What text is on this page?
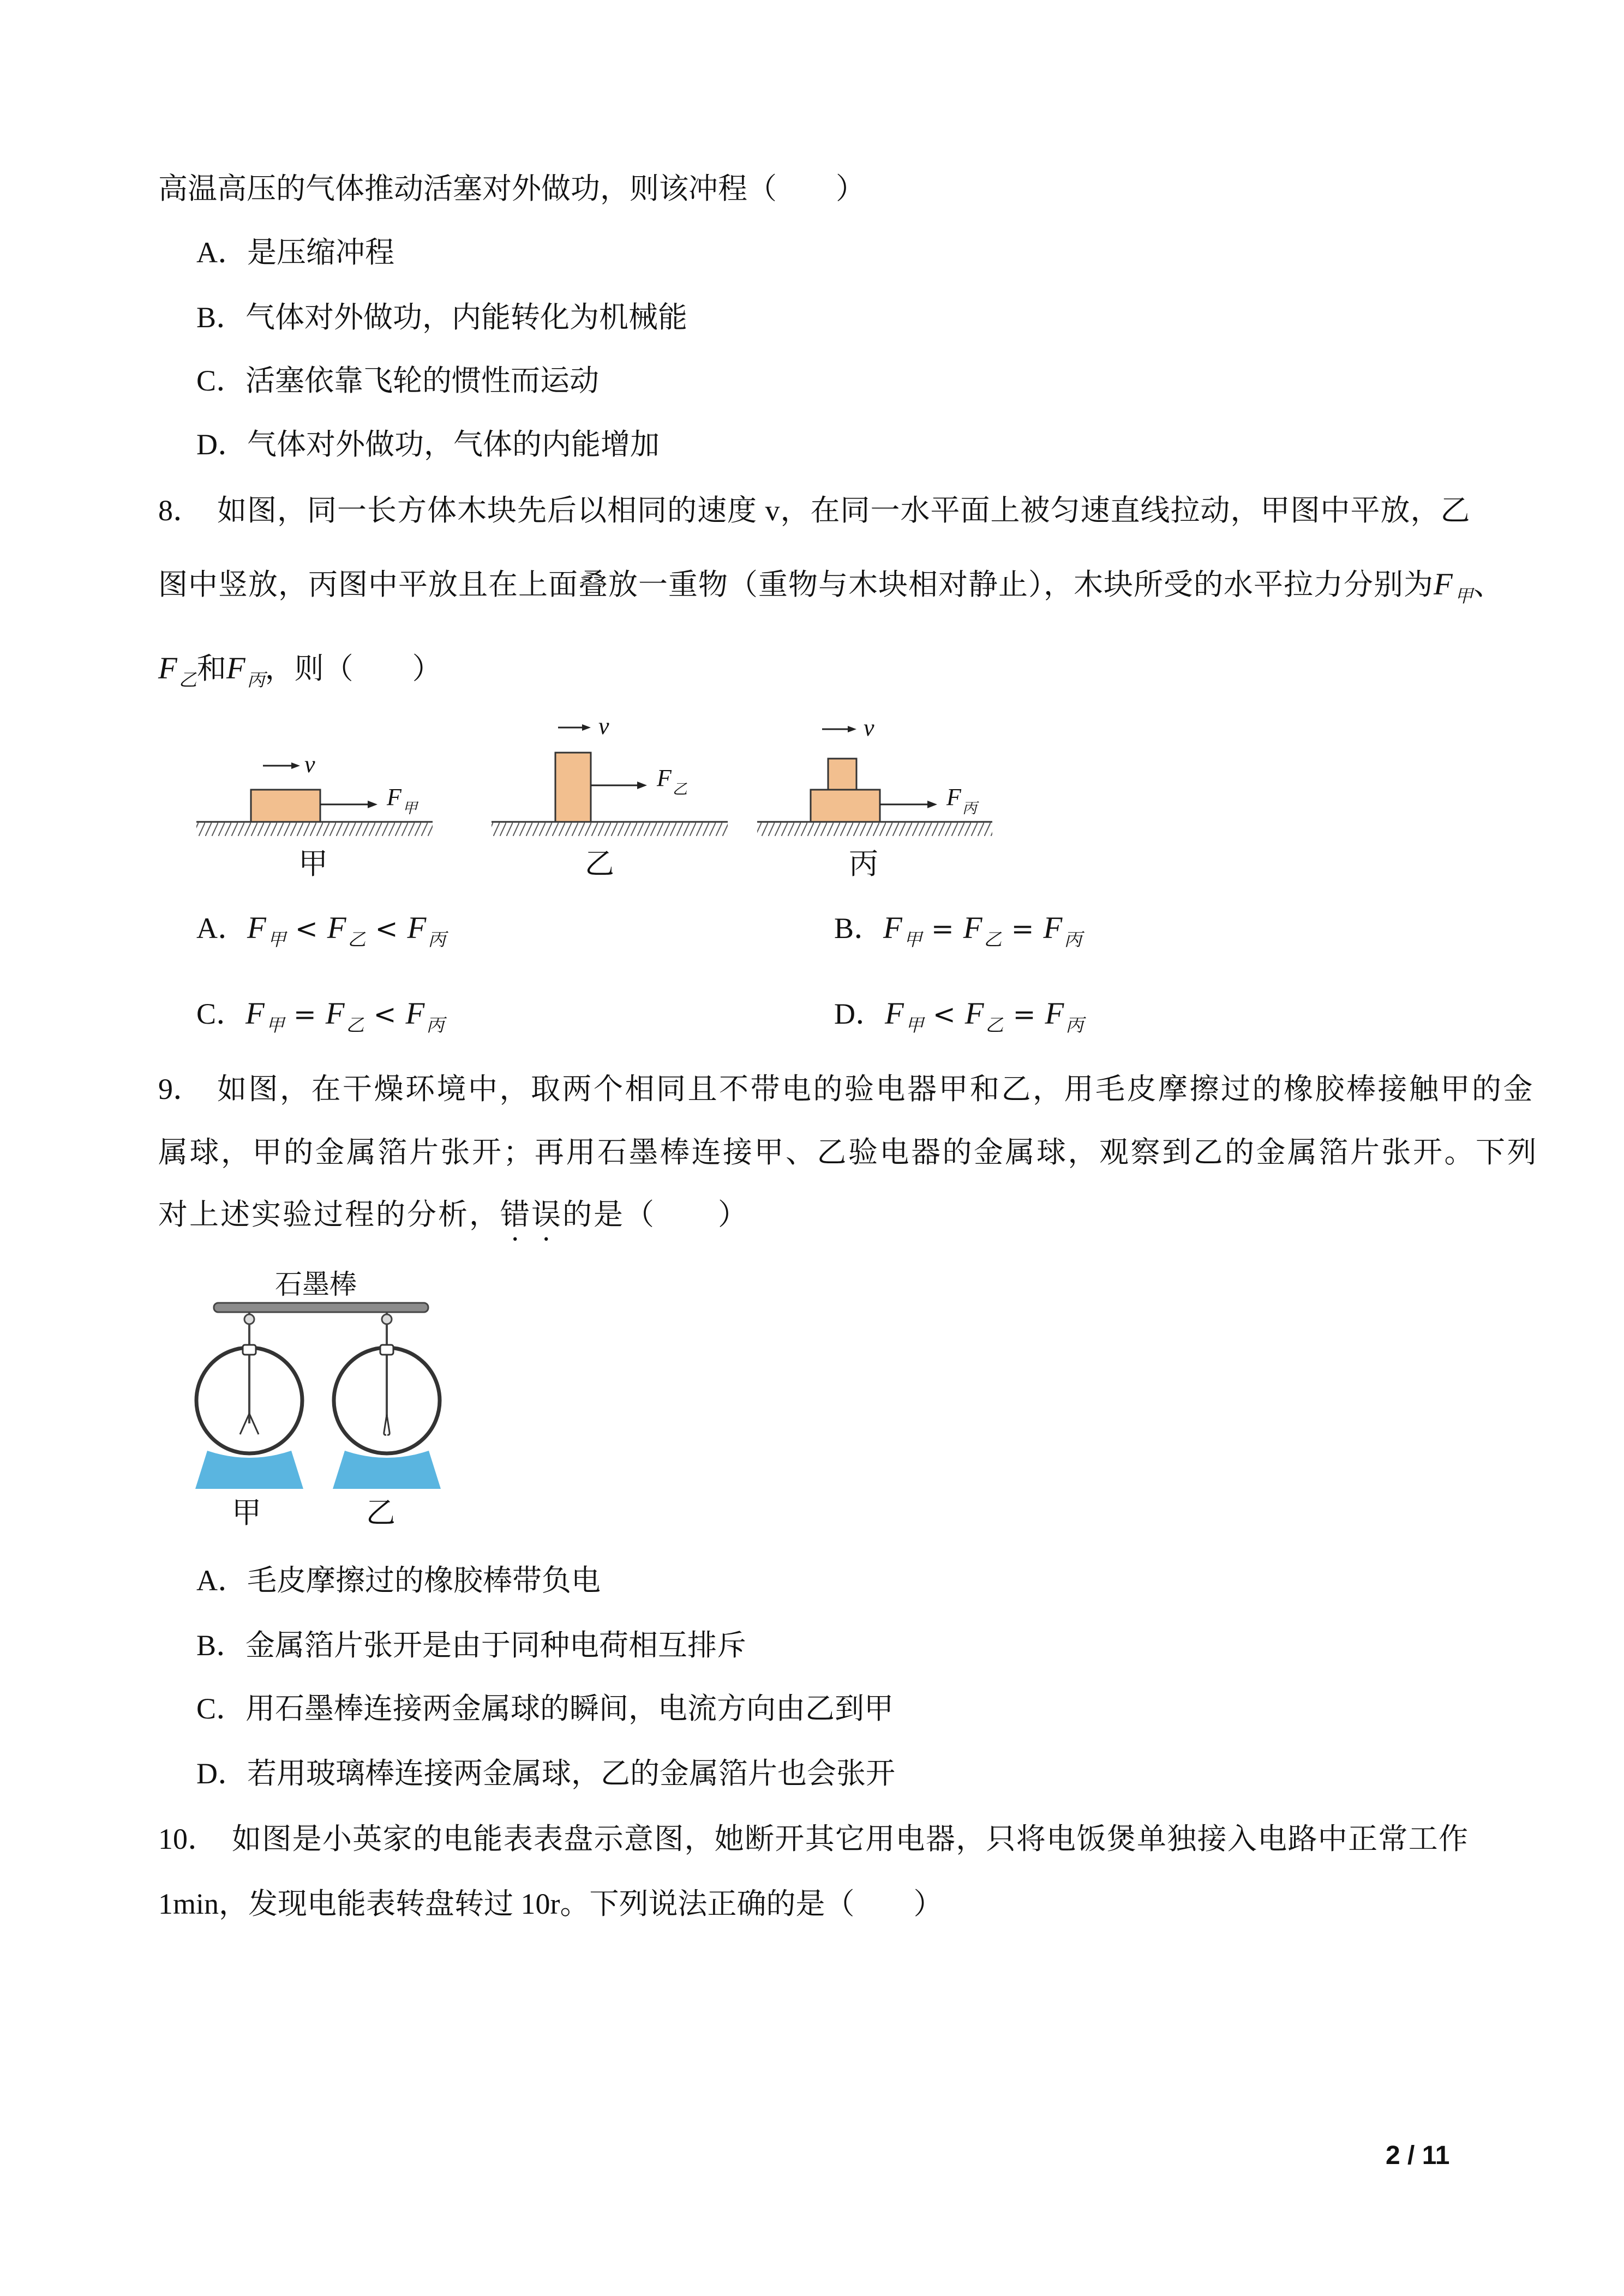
高温高压的气体推动活塞对外做功，则该冲程（　　）
A．是压缩冲程
B．气体对外做功，内能转化为机械能
C．活塞依靠飞轮的惯性而运动
D．气体对外做功，气体的内能增加
8． 如图，同一长方体木块先后以相同的速度 v，在同一水平面上被匀速直线拉动，甲图中平放，乙
图中竖放，丙图中平放且在上面叠放一重物（重物与木块相对静止），木块所受的水平拉力分别为$F_甲$、
$F_乙$和$F_丙$，则（　　）
F甲
v
甲
F乙
v
乙
F丙
v
丙
A．$F_甲 < F_乙 < F_丙$	B．$F_甲 = F_乙 = F_丙$
C．$F_甲 = F_乙 < F_丙$	D．$F_甲 < F_乙 = F_丙$
9． 如图，在干燥环境中，取两个相同且不带电的验电器甲和乙，用毛皮摩擦过的橡胶棒接触甲的金
属球，甲的金属箔片张开；再用石墨棒连接甲、乙验电器的金属球，观察到乙的金属箔片张开。下列
对上述实验过程的分析，错误的是（　　）
石墨棒
甲	乙
A．毛皮摩擦过的橡胶棒带负电
B．金属箔片张开是由于同种电荷相互排斥
C．用石墨棒连接两金属球的瞬间，电流方向由乙到甲
D．若用玻璃棒连接两金属球，乙的金属箔片也会张开
10． 如图是小英家的电能表表盘示意图，她断开其它用电器，只将电饭煲单独接入电路中正常工作
1min，发现电能表转盘转过 10r。下列说法正确的是（　　）
2 / 11
